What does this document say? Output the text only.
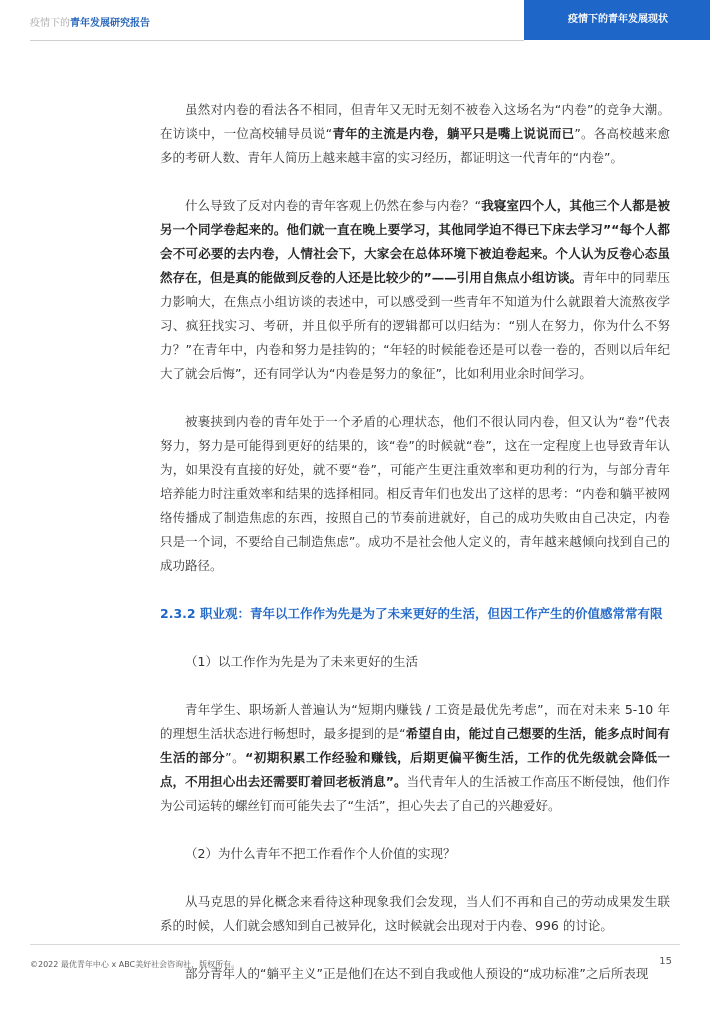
疫情下的青年发展研究报告	疫情下的青年发展现状

虽然对内卷的看法各不相同，但青年又无时无刻不被卷入这场名为“内卷”的竞争大潮。在访谈中，一位高校辅导员说“青年的主流是内卷，躺平只是嘴上说说而已”。各高校越来愈多的考研人数、青年人简历上越来越丰富的实习经历，都证明这一代青年的“内卷”。

什么导致了反对内卷的青年客观上仍然在参与内卷？“我寝室四个人，其他三个人都是被另一个同学卷起来的。他们就一直在晚上要学习，其他同学迫不得已下床去学习”“每个人都会不可必要的去内卷，人情社会下，大家会在总体环境下被迫卷起来。个人认为反卷心态虽然存在，但是真的能做到反卷的人还是比较少的”——引用自焦点小组访谈。青年中的同辈压力影响大，在焦点小组访谈的表述中，可以感受到一些青年不知道为什么就跟着大流熬夜学习、疯狂找实习、考研，并且似乎所有的逻辑都可以归结为：“别人在努力，你为什么不努力？”在青年中，内卷和努力是挂钩的；“年轻的时候能卷还是可以卷一卷的，否则以后年纪大了就会后悔”，还有同学认为“内卷是努力的象征”，比如利用业余时间学习。

被裹挟到内卷的青年处于一个矛盾的心理状态，他们不很认同内卷，但又认为“卷”代表努力，努力是可能得到更好的结果的，该“卷”的时候就“卷”，这在一定程度上也导致青年认为，如果没有直接的好处，就不要“卷”，可能产生更注重效率和更功利的行为，与部分青年培养能力时注重效率和结果的选择相同。相反青年们也发出了这样的思考：“内卷和躺平被网络传播成了制造焦虑的东西，按照自己的节奏前进就好，自己的成功失败由自己决定，内卷只是一个词，不要给自己制造焦虑”。成功不是社会他人定义的，青年越来越倾向找到自己的成功路径。

2.3.2 职业观：青年以工作作为先是为了未来更好的生活，但因工作产生的价值感常常有限
（1）以工作作为先是为了未来更好的生活

青年学生、职场新人普遍认为“短期内赚钱 / 工资是最优先考虑”，而在对未来 5-10 年的理想生活状态进行畅想时，最多提到的是“希望自由，能过自己想要的生活，能多点时间有生活的部分”。“初期积累工作经验和赚钱，后期更偏平衡生活，工作的优先级就会降低一点，不用担心出去还需要盯着回老板消息”。当代青年人的生活被工作高压不断侵蚀，他们作为公司运转的螺丝钉而可能失去了“生活”，担心失去了自己的兴趣爱好。

（2）为什么青年不把工作看作个人价值的实现？

从马克思的异化概念来看待这种现象我们会发现，当人们不再和自己的劳动成果发生联系的时候，人们就会感知到自己被异化，这时候就会出现对于内卷、996 的讨论。

部分青年人的“躺平主义”正是他们在达不到自我或他人预设的“成功标准”之后所表现

©2022 最优青年中心 x ABC美好社会咨询社，版权所有。	15
